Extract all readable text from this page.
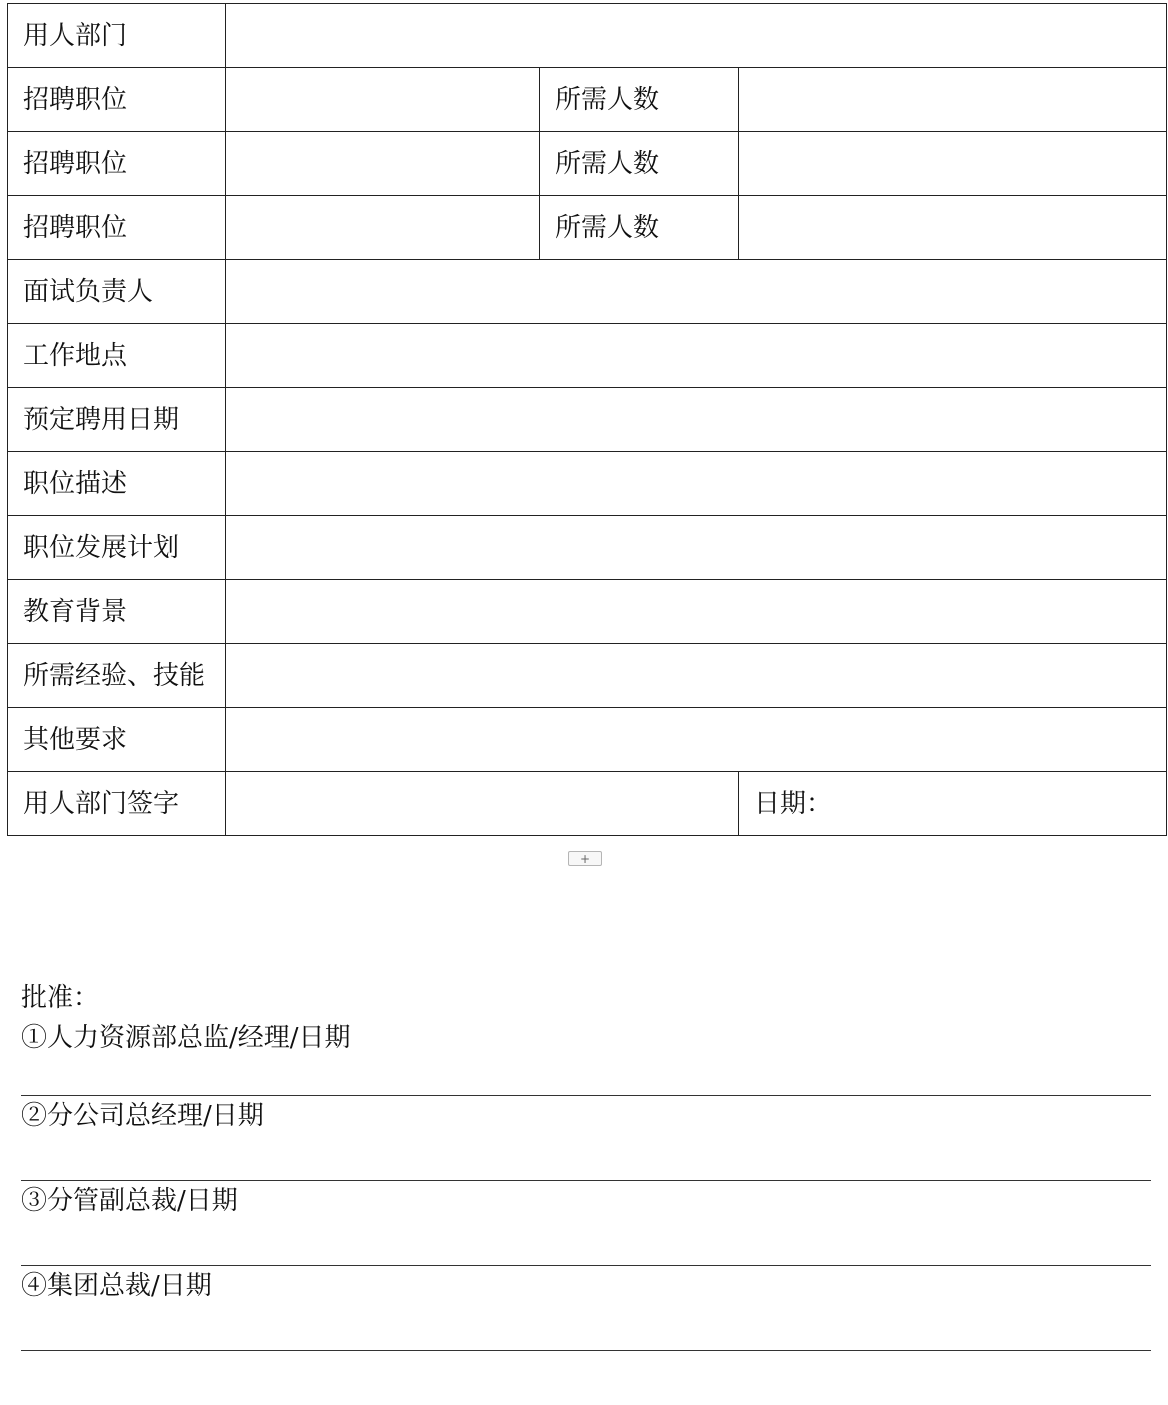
用人部门			
招聘职位		所需人数	
招聘职位		所需人数	
招聘职位		所需人数	
面试负责人			
工作地点			
预定聘用日期			
职位描述			
职位发展计划			
教育背景			
所需经验、技能			
其他要求			
用人部门签字			日期：
+
批准：
①人力资源部总监/经理/日期
②分公司总经理/日期
③分管副总裁/日期
④集团总裁/日期
